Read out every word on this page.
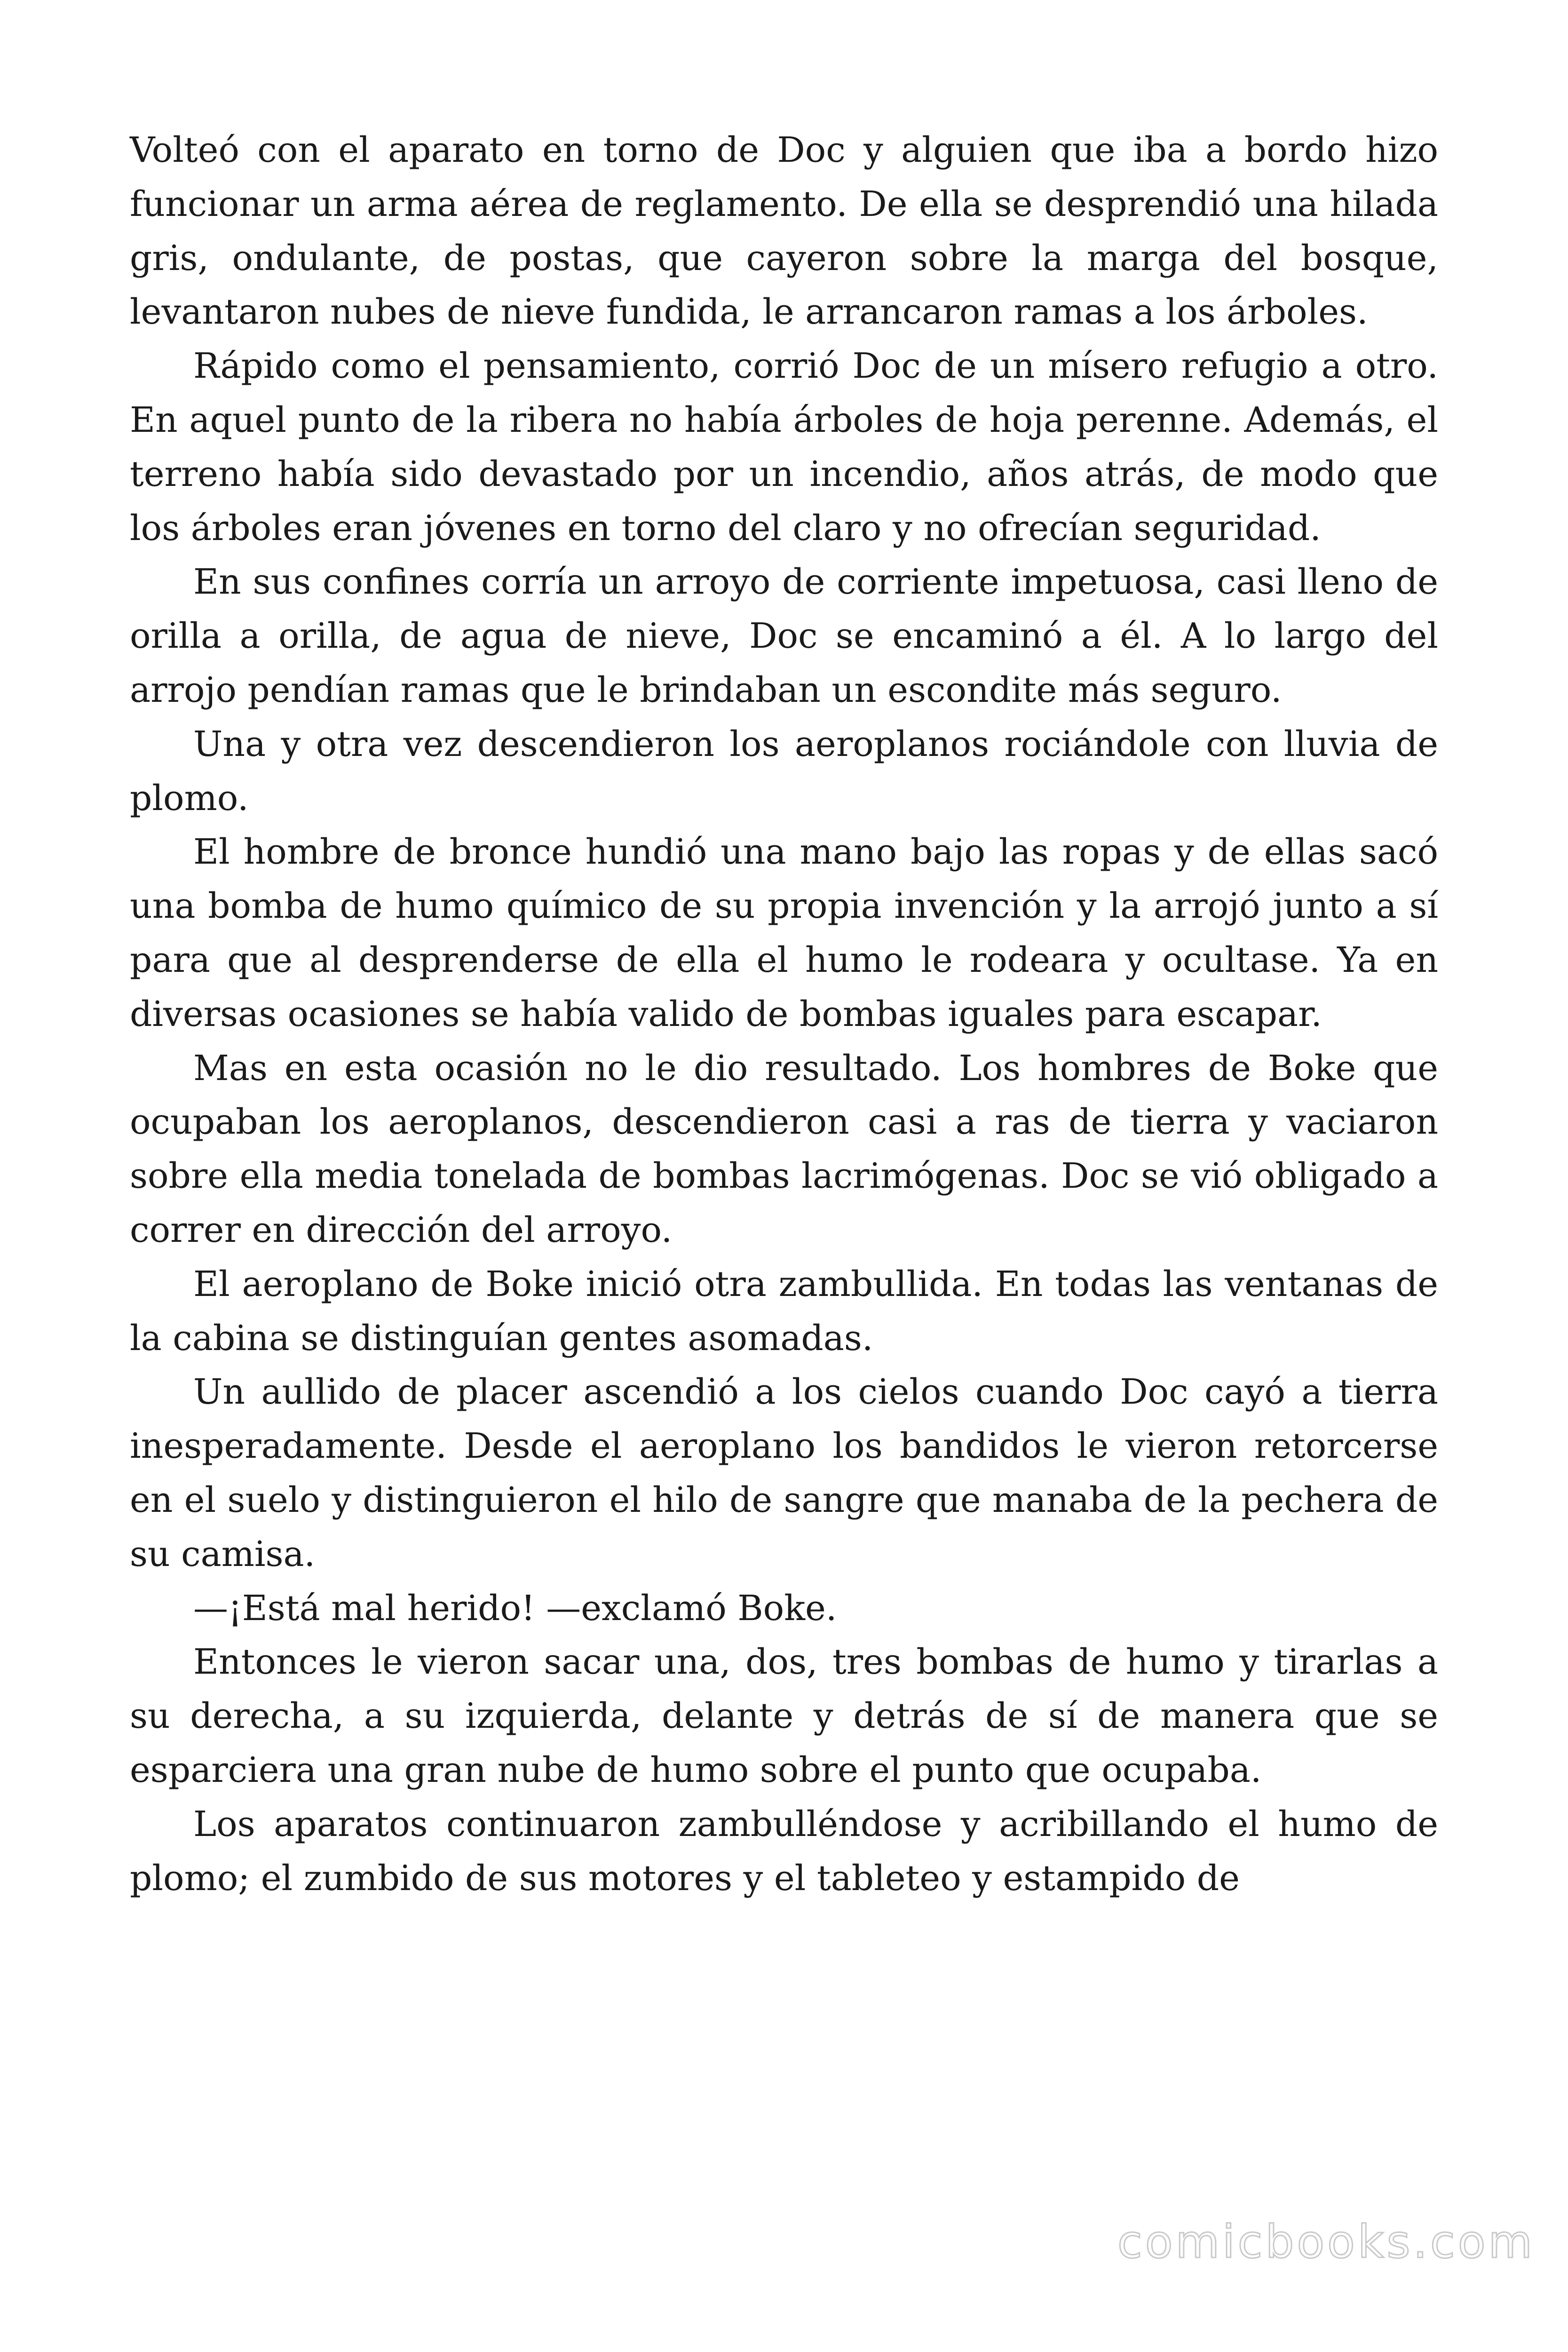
Volteó con el aparato en torno de Doc y alguien que iba a bordo hizo funcionar un arma aérea de reglamento. De ella se desprendió una hilada gris, ondulante, de postas, que cayeron sobre la marga del bosque, levantaron nubes de nieve fundida, le arrancaron ramas a los árboles.

Rápido como el pensamiento, corrió Doc de un mísero refugio a otro. En aquel punto de la ribera no había árboles de hoja perenne. Además, el terreno había sido devastado por un incendio, años atrás, de modo que los árboles eran jóvenes en torno del claro y no ofrecían seguridad.

En sus confines corría un arroyo de corriente impetuosa, casi lleno de orilla a orilla, de agua de nieve, Doc se encaminó a él. A lo largo del arrojo pendían ramas que le brindaban un escondite más seguro.

Una y otra vez descendieron los aeroplanos rociándole con lluvia de plomo.

El hombre de bronce hundió una mano bajo las ropas y de ellas sacó una bomba de humo químico de su propia invención y la arrojó junto a sí para que al desprenderse de ella el humo le rodeara y ocultase. Ya en diversas ocasiones se había valido de bombas iguales para escapar.

Mas en esta ocasión no le dio resultado. Los hombres de Boke que ocupaban los aeroplanos, descendieron casi a ras de tierra y vaciaron sobre ella media tonelada de bombas lacrimógenas. Doc se vió obligado a correr en dirección del arroyo.

El aeroplano de Boke inició otra zambullida. En todas las ventanas de la cabina se distinguían gentes asomadas.

Un aullido de placer ascendió a los cielos cuando Doc cayó a tierra inesperadamente. Desde el aeroplano los bandidos le vieron retorcerse en el suelo y distinguieron el hilo de sangre que manaba de la pechera de su camisa.

—¡Está mal herido! —exclamó Boke.

Entonces le vieron sacar una, dos, tres bombas de humo y tirarlas a su derecha, a su izquierda, delante y detrás de sí de manera que se esparciera una gran nube de humo sobre el punto que ocupaba.

Los aparatos continuaron zambulléndose y acribillando el humo de plomo; el zumbido de sus motores y el tableteo y estampido de

comicbooks.com
